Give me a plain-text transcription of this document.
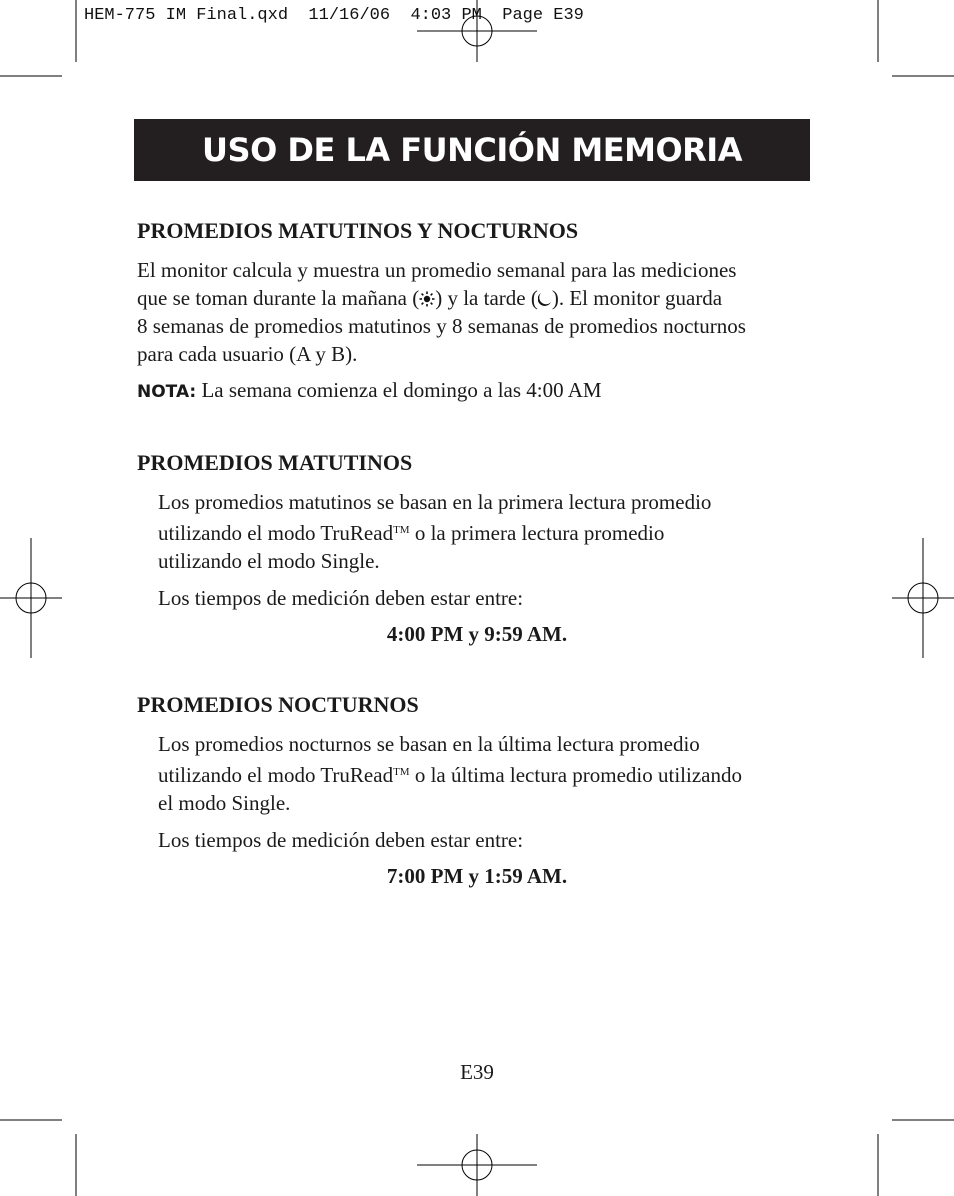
HEM-775 IM Final.qxd  11/16/06  4:03 PM  Page E39

USO DE LA FUNCIÓN MEMORIA
PROMEDIOS MATUTINOS Y NOCTURNOS

El monitor calcula y muestra un promedio semanal para las mediciones
que se toman durante la mañana ( ) y la tarde ( ). El monitor guarda
8 semanas de promedios matutinos y 8 semanas de promedios nocturnos
para cada usuario (A y B).

NOTA: La semana comienza el domingo a las 4:00 AM

PROMEDIOS MATUTINOS

Los promedios matutinos se basan en la primera lectura promedio
utilizando el modo TruRead™ o la primera lectura promedio
utilizando el modo Single.

Los tiempos de medición deben estar entre:

4:00 PM y 9:59 AM.

PROMEDIOS NOCTURNOS

Los promedios nocturnos se basan en la última lectura promedio
utilizando el modo TruRead™ o la última lectura promedio utilizando
el modo Single.

Los tiempos de medición deben estar entre:

7:00 PM y 1:59 AM.

E39
